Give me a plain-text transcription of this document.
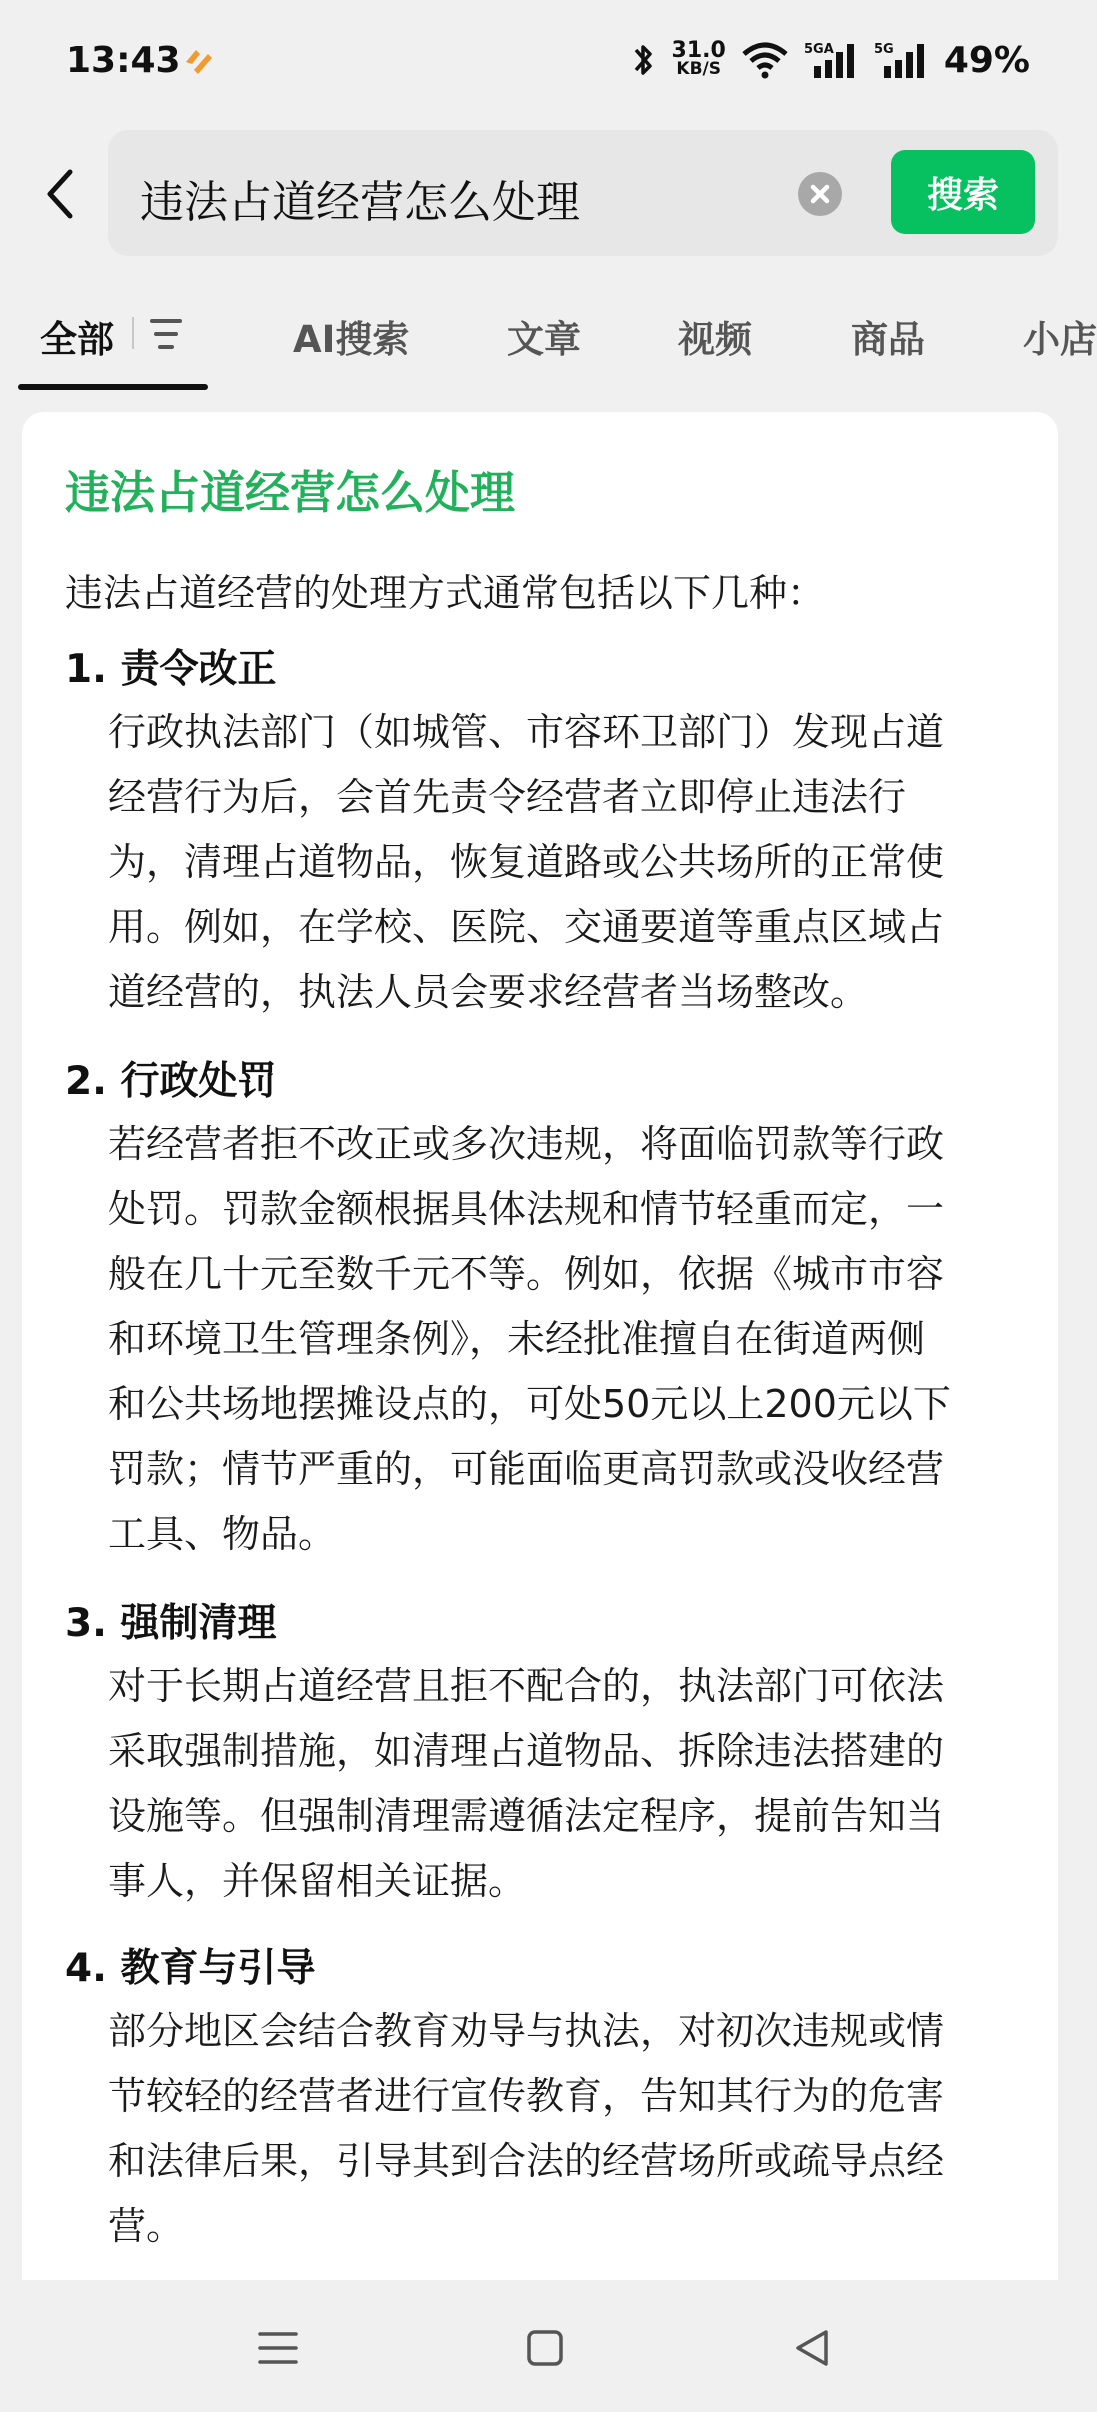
13:43	31.0
KB/S
5GA	5G 49%
违法占道经营怎么处理	搜索
全部	AI搜索	文章	视频	商品	小店
违法占道经营怎么处理
违法占道经营的处理方式通常包括以下几种：
1. 责令改正
行政执法部门（如城管、市容环卫部门）发现占道
经营行为后，会首先责令经营者立即停止违法行
为，清理占道物品，恢复道路或公共场所的正常使
用。例如，在学校、医院、交通要道等重点区域占
道经营的，执法人员会要求经营者当场整改。
2. 行政处罚
若经营者拒不改正或多次违规，将面临罚款等行政
处罚。罚款金额根据具体法规和情节轻重而定，一
般在几十元至数千元不等。例如，依据《城市市容
和环境卫生管理条例》，未经批准擅自在街道两侧
和公共场地摆摊设点的，可处50元以上200元以下
罚款；情节严重的，可能面临更高罚款或没收经营
工具、物品。
3. 强制清理
对于长期占道经营且拒不配合的，执法部门可依法
采取强制措施，如清理占道物品、拆除违法搭建的
设施等。但强制清理需遵循法定程序，提前告知当
事人，并保留相关证据。
4. 教育与引导
部分地区会结合教育劝导与执法，对初次违规或情
节较轻的经营者进行宣传教育，告知其行为的危害
和法律后果，引导其到合法的经营场所或疏导点经
营。
